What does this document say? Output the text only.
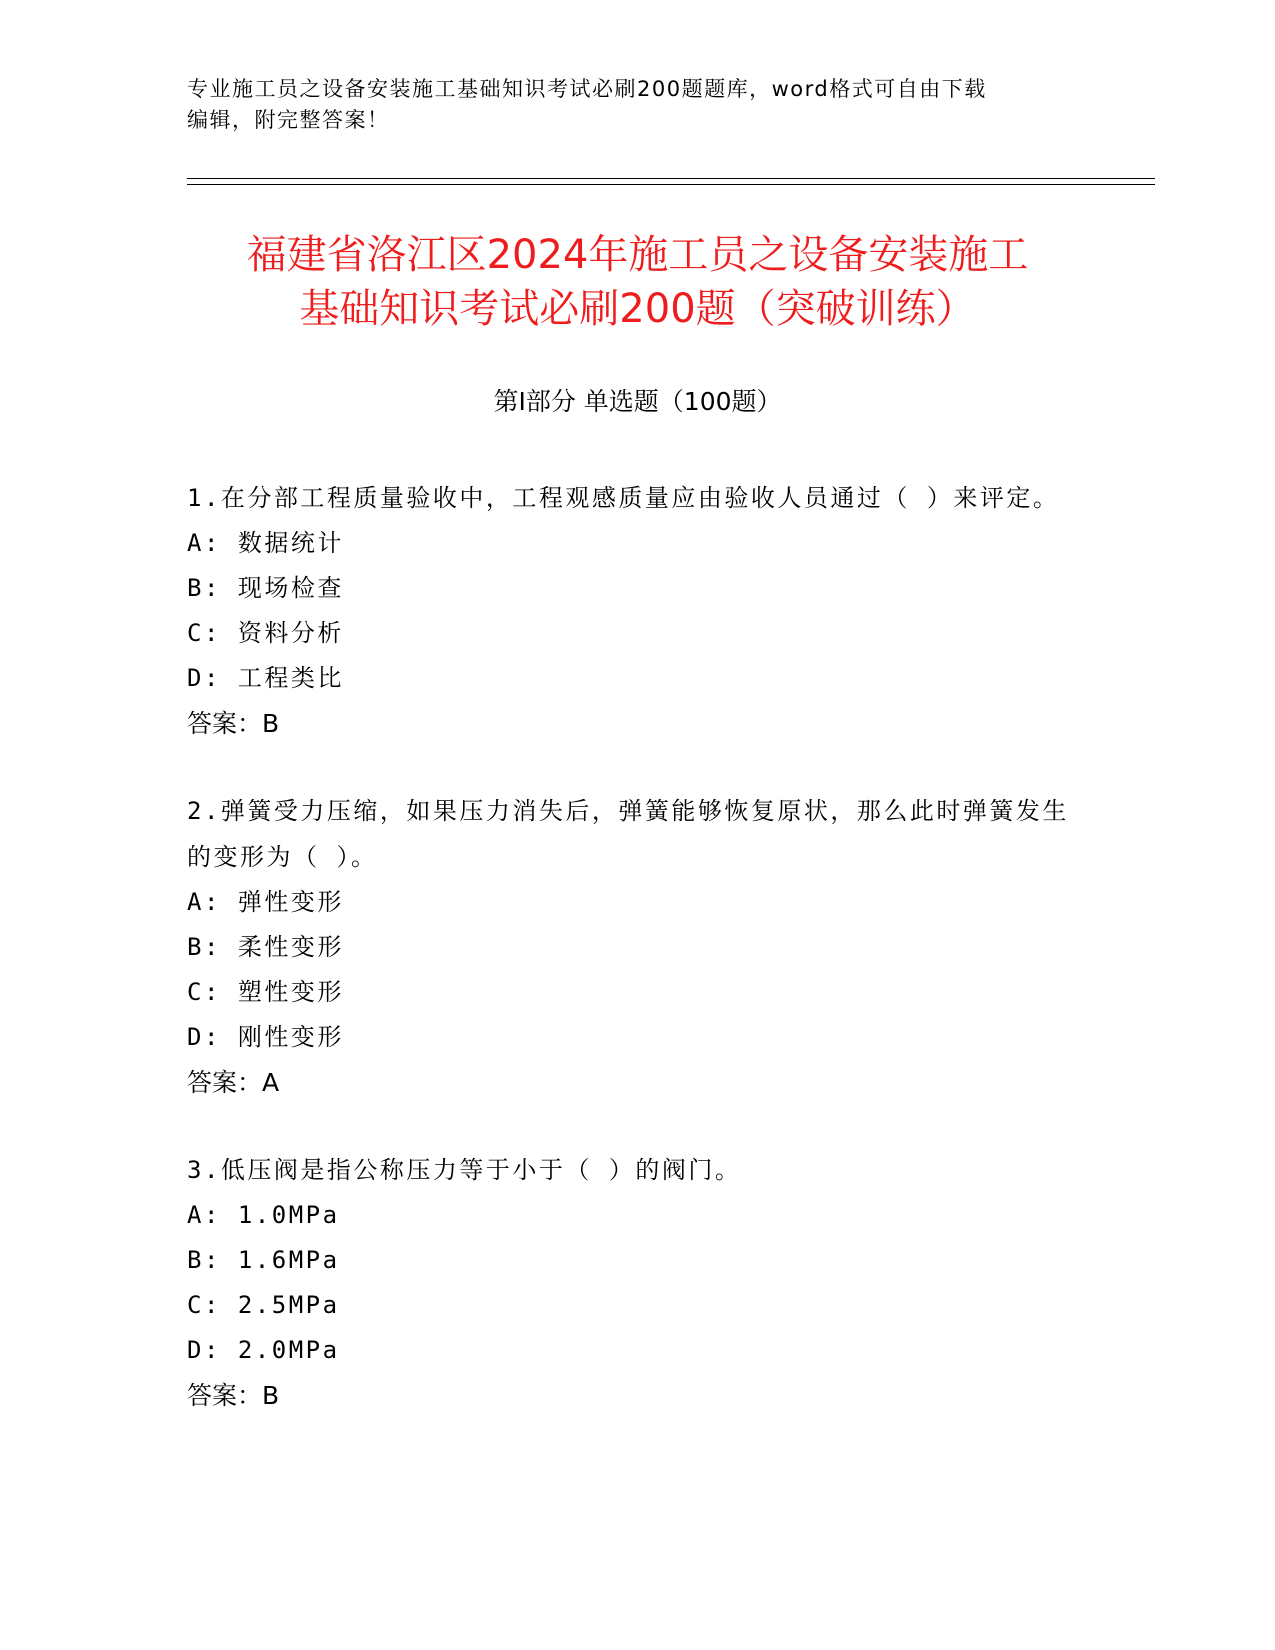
专业施工员之设备安装施工基础知识考试必刷200题题库，word格式可自由下载
编辑，附完整答案！
福建省洛江区2024年施工员之设备安装施工
基础知识考试必刷200题（突破训练）
第Ⅰ部分 单选题（100题）
1.在分部工程质量验收中，工程观感质量应由验收人员通过（ ）来评定。
A: 数据统计
B: 现场检查
C: 资料分析
D: 工程类比
答案：B
2.弹簧受力压缩，如果压力消失后，弹簧能够恢复原状，那么此时弹簧发生的变形为（ ）。
A: 弹性变形
B: 柔性变形
C: 塑性变形
D: 刚性变形
答案：A
3.低压阀是指公称压力等于小于（ ）的阀门。
A: 1.0MPa
B: 1.6MPa
C: 2.5MPa
D: 2.0MPa
答案：B
